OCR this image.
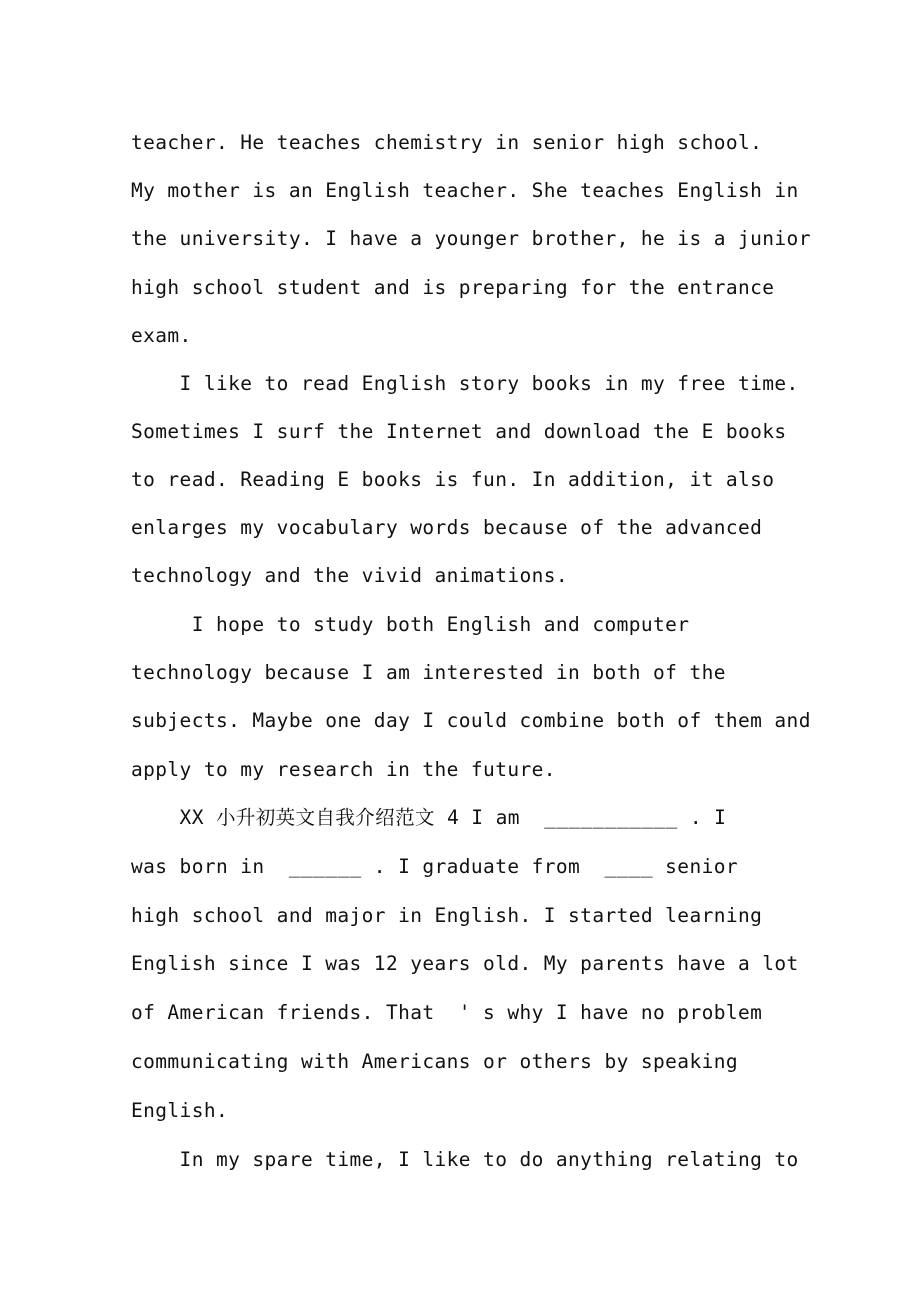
teacher. He teaches chemistry in senior high school.
My mother is an English teacher. She teaches English in
the university. I have a younger brother, he is a junior
high school student and is preparing for the entrance
exam.
I like to read English story books in my free time.
Sometimes I surf the Internet and download the E books
to read. Reading E books is fun. In addition, it also
enlarges my vocabulary words because of the advanced
technology and the vivid animations.
I hope to study both English and computer
technology because I am interested in both of the
subjects. Maybe one day I could combine both of them and
apply to my research in the future.
XX 小升初英文自我介绍范文 4 I am  ___________ . I
was born in  ______ . I graduate from  ____ senior
high school and major in English. I started learning
English since I was 12 years old. My parents have a lot
of American friends. That  ' s why I have no problem
communicating with Americans or others by speaking
English.
In my spare time, I like to do anything relating to
